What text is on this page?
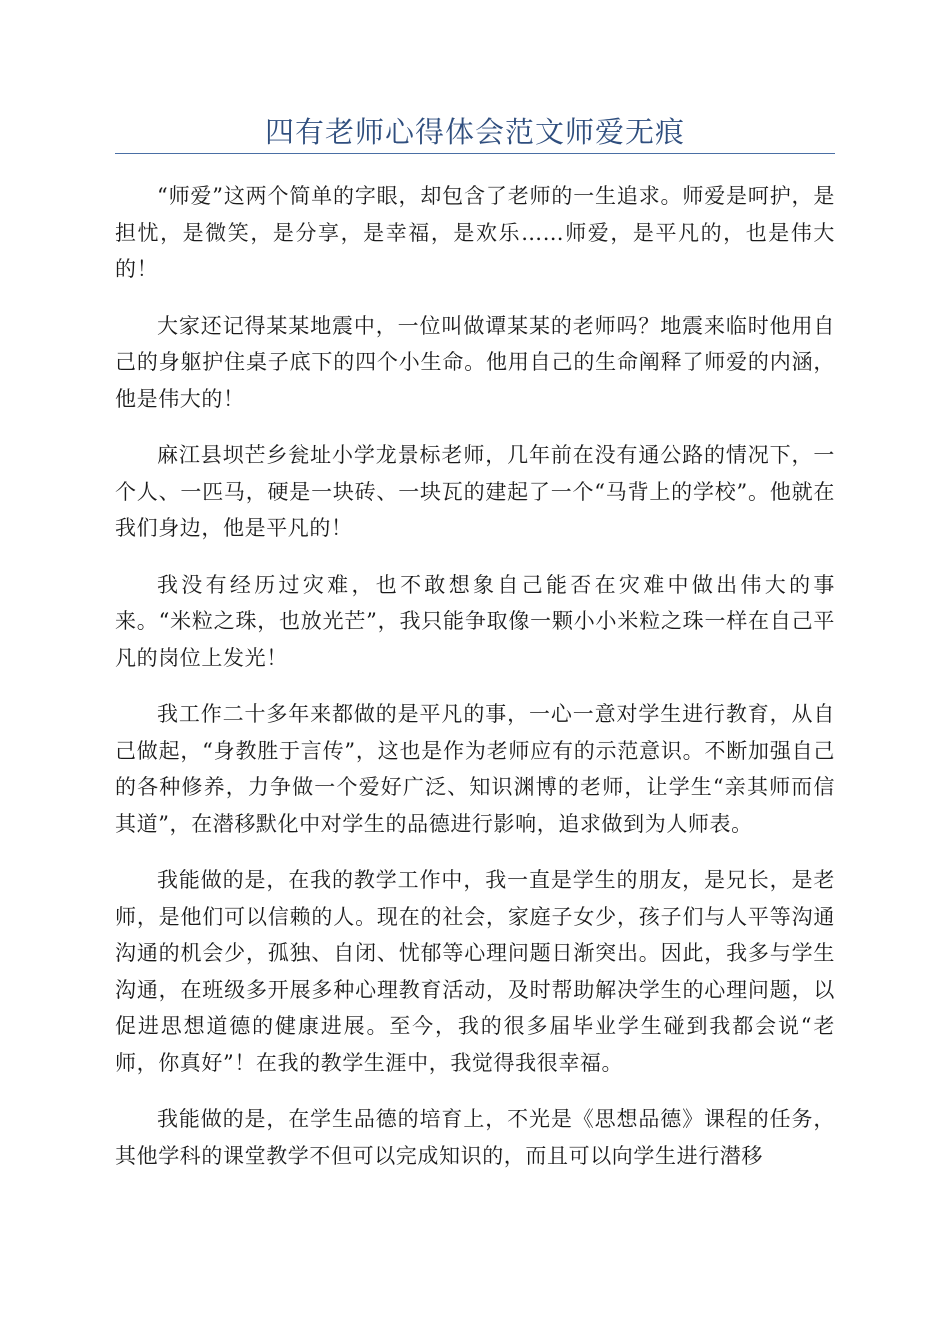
四有老师心得体会范文师爱无痕

“师爱”这两个简单的字眼，却包含了老师的一生追求。师爱是呵护，是担忧，是微笑，是分享，是幸福，是欢乐……师爱，是平凡的，也是伟大的！

大家还记得某某地震中，一位叫做谭某某的老师吗？地震来临时他用自己的身躯护住桌子底下的四个小生命。他用自己的生命阐释了师爱的内涵，他是伟大的！

麻江县坝芒乡瓮址小学龙景标老师，几年前在没有通公路的情况下，一个人、一匹马，硬是一块砖、一块瓦的建起了一个“马背上的学校”。他就在我们身边，他是平凡的！

我没有经历过灾难，也不敢想象自己能否在灾难中做出伟大的事来。“米粒之珠，也放光芒”，我只能争取像一颗小小米粒之珠一样在自己平凡的岗位上发光！

我工作二十多年来都做的是平凡的事，一心一意对学生进行教育，从自己做起，“身教胜于言传”，这也是作为老师应有的示范意识。不断加强自己的各种修养，力争做一个爱好广泛、知识渊博的老师，让学生“亲其师而信其道”，在潜移默化中对学生的品德进行影响，追求做到为人师表。

我能做的是，在我的教学工作中，我一直是学生的朋友，是兄长，是老师，是他们可以信赖的人。现在的社会，家庭子女少，孩子们与人平等沟通沟通的机会少，孤独、自闭、忧郁等心理问题日渐突出。因此，我多与学生沟通，在班级多开展多种心理教育活动，及时帮助解决学生的心理问题，以促进思想道德的健康进展。至今，我的很多届毕业学生碰到我都会说“老师，你真好”！在我的教学生涯中，我觉得我很幸福。

我能做的是，在学生品德的培育上，不光是《思想品德》课程的任务，其他学科的课堂教学不但可以完成知识的，而且可以向学生进行潜移
